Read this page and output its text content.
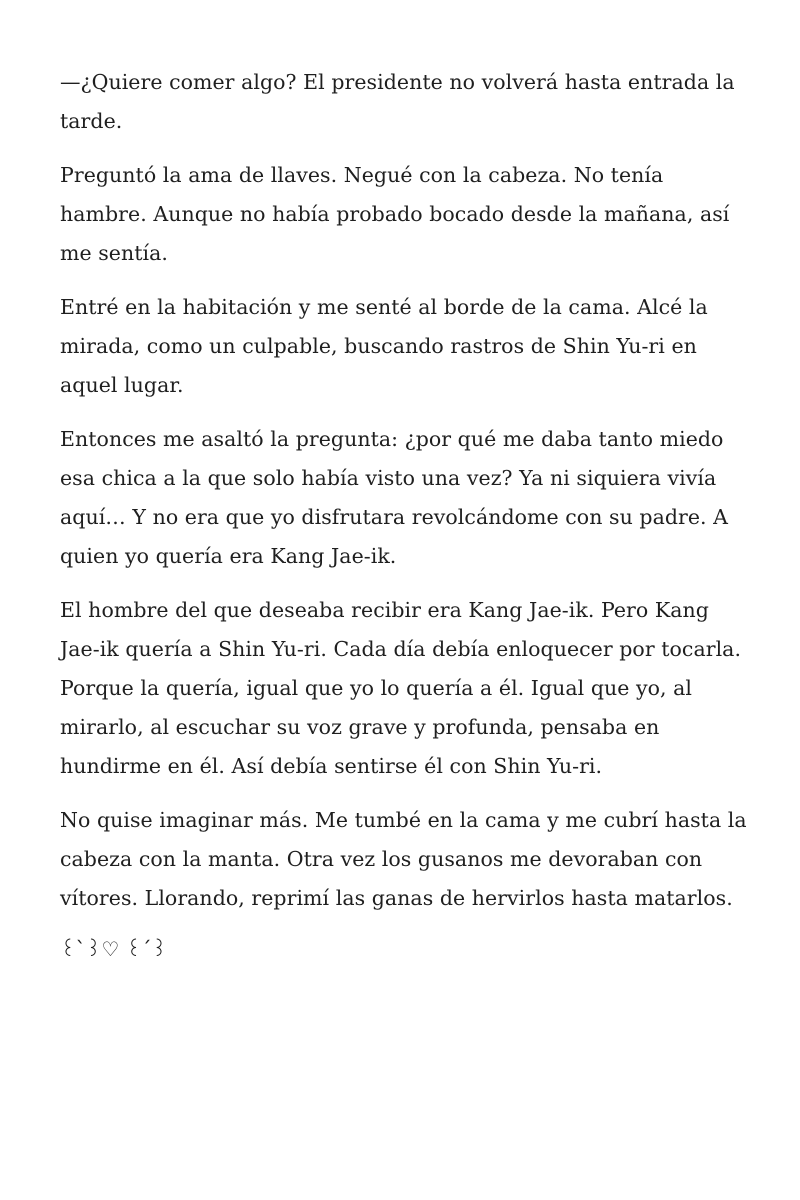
—¿Quiere comer algo? El presidente no volverá hasta entrada la tarde.

Preguntó la ama de llaves. Negué con la cabeza. No tenía hambre. Aunque no había probado bocado desde la mañana, así me sentía.

Entré en la habitación y me senté al borde de la cama. Alcé la mirada, como un culpable, buscando rastros de Shin Yu-ri en aquel lugar.

Entonces me asaltó la pregunta: ¿por qué me daba tanto miedo esa chica a la que solo había visto una vez? Ya ni siquiera vivía aquí… Y no era que yo disfrutara revolcándome con su padre. A quien yo quería era Kang Jae-ik.

El hombre del que deseaba recibir era Kang Jae-ik. Pero Kang Jae-ik quería a Shin Yu-ri. Cada día debía enloquecer por tocarla. Porque la quería, igual que yo lo quería a él. Igual que yo, al mirarlo, al escuchar su voz grave y profunda, pensaba en hundirme en él. Así debía sentirse él con Shin Yu-ri.

No quise imaginar más. Me tumbé en la cama y me cubrí hasta la cabeza con la manta. Otra vez los gusanos me devoraban con vítores. Llorando, reprimí las ganas de hervirlos hasta matarlos.

꒰`꒱♡ ꒰´꒱
